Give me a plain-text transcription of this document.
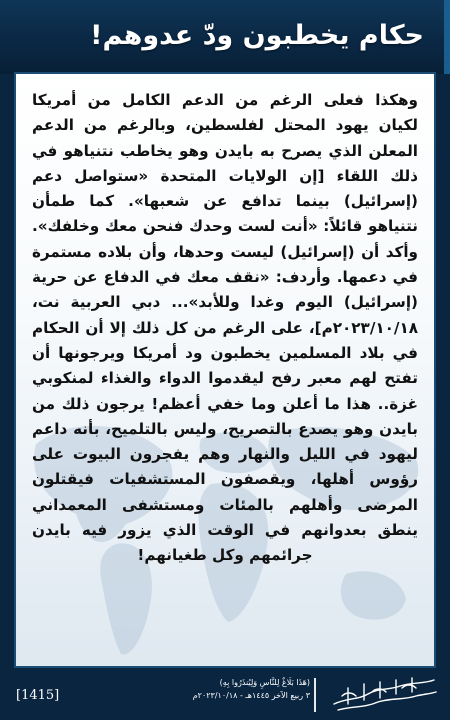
حكام يخطبون ودّ عدوهم!
وهكذا فعلى الرغم من الدعم الكامل من أمريكا لكيان يهود المحتل لفلسطين، وبالرغم من الدعم المعلن الذي يصرح به بايدن وهو يخاطب نتنياهو في ذلك اللقاء [إن الولايات المتحدة «ستواصل دعم (إسرائيل) بينما تدافع عن شعبها». كما طمأن نتنياهو قائلاً: «أنت لست وحدك فنحن معك وخلفك». وأكد أن (إسرائيل) ليست وحدها، وأن بلاده مستمرة في دعمها. وأردف: «نقف معك في الدفاع عن حرية (إسرائيل) اليوم وغدا وللأبد»... دبي العربية نت، ٢٠٢٣/١٠/١٨م]، على الرغم من كل ذلك إلا أن الحكام في بلاد المسلمين يخطبون ود أمريكا ويرجونها أن تفتح لهم معبر رفح ليقدموا الدواء والغذاء لمنكوبي غزة.. هذا ما أعلن وما خفي أعظم! يرجون ذلك من بايدن وهو يصدع بالتصريح، وليس بالتلميح، بأنه داعم ليهود في الليل والنهار وهم يفجرون البيوت على رؤوس أهلها، ويقصفون المستشفيات فيقتلون المرضى وأهلهم بالمئات ومستشفى المعمداني ينطق بعدوانهم في الوقت الذي يزور فيه بايدن جرائمهم وكل طغيانهم!
(هَذَا بَلَاغٌ لِلنَّاسِ وَلِيُنذَرُوا بِهِ)
٣ ربيع الآخر ١٤٤٥هـ - ٢٠٢٣/١٠/١٨م
[1415]
